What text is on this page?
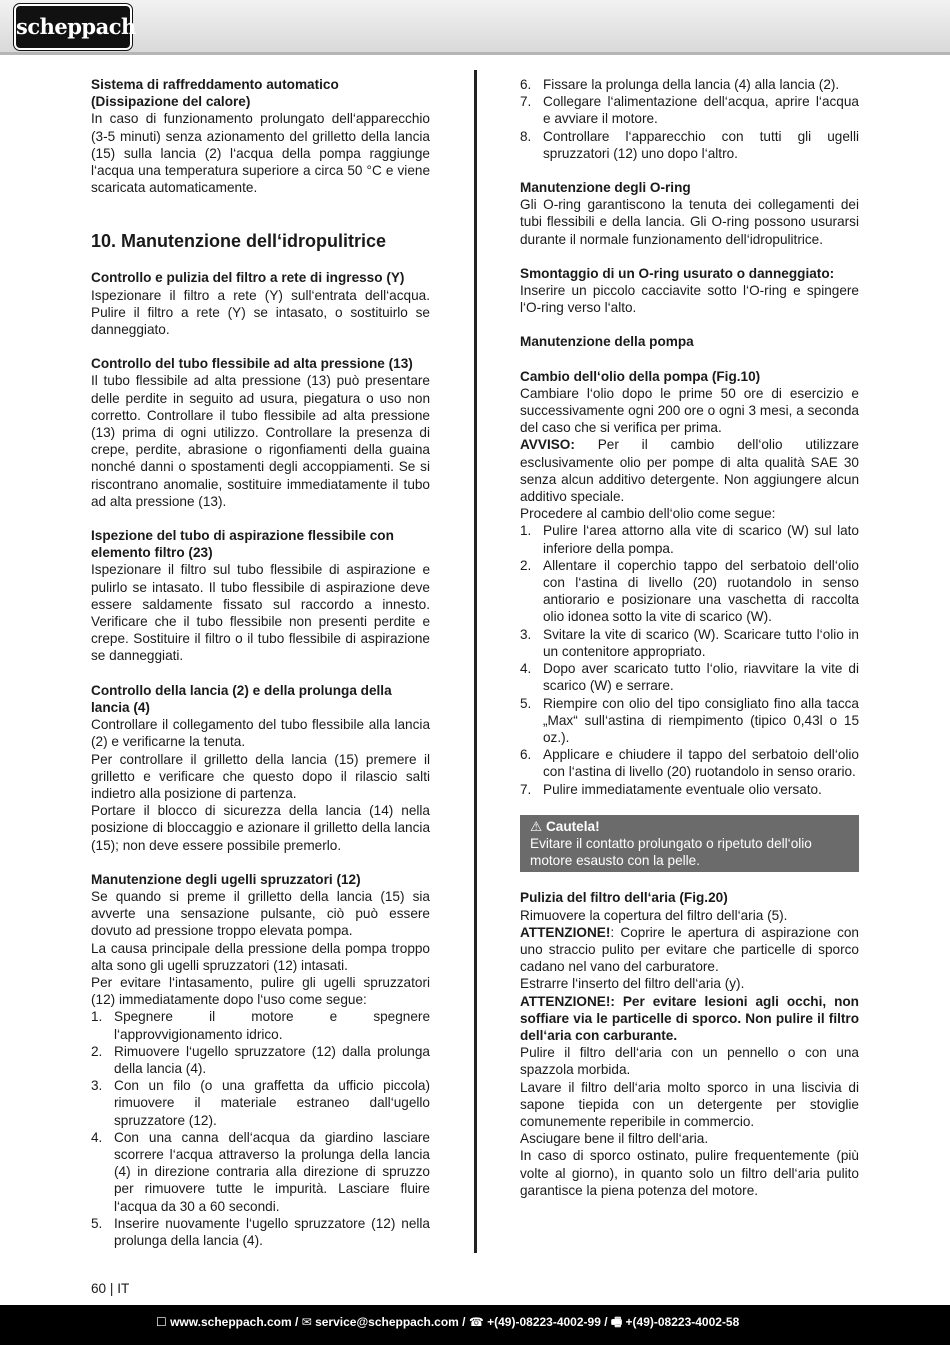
scheppach

Sistema di raffreddamento automatico (Dissipazione del calore)

In caso di funzionamento prolungato dell‘apparecchio (3-5 minuti) senza azionamento del grilletto della lancia (15) sulla lancia (2) l‘acqua della pompa raggiunge l‘acqua una temperatura superiore a circa 50 °C e viene scaricata automaticamente.

10. Manutenzione dell‘idropulitrice

Controllo e pulizia del filtro a rete di ingresso (Y)

Ispezionare il filtro a rete (Y) sull‘entrata dell‘acqua. Pulire il filtro a rete (Y) se intasato, o sostituirlo se danneggiato.

Controllo del tubo flessibile ad alta pressione (13)

Il tubo flessibile ad alta pressione (13) può presentare delle perdite in seguito ad usura, piegatura o uso non corretto. Controllare il tubo flessibile ad alta pressione (13) prima di ogni utilizzo. Controllare la presenza di crepe, perdite, abrasione o rigonfiamenti della guaina nonché danni o spostamenti degli accoppiamenti. Se si riscontrano anomalie, sostituire immediatamente il tubo ad alta pressione (13).

Ispezione del tubo di aspirazione flessibile con elemento filtro (23)

Ispezionare il filtro sul tubo flessibile di aspirazione e pulirlo se intasato. Il tubo flessibile di aspirazione deve essere saldamente fissato sul raccordo a innesto. Verificare che il tubo flessibile non presenti perdite e crepe. Sostituire il filtro o il tubo flessibile di aspirazione se danneggiati.

Controllo della lancia (2) e della prolunga della lancia (4)

Controllare il collegamento del tubo flessibile alla lancia (2) e verificarne la tenuta.

Per controllare il grilletto della lancia (15) premere il grilletto e verificare che questo dopo il rilascio salti indietro alla posizione di partenza.

Portare il blocco di sicurezza della lancia (14) nella posizione di bloccaggio e azionare il grilletto della lancia (15); non deve essere possibile premerlo.

Manutenzione degli ugelli spruzzatori (12)

Se quando si preme il grilletto della lancia (15) sia avverte una sensazione pulsante, ciò può essere dovuto ad pressione troppo elevata pompa.

La causa principale della pressione della pompa troppo alta sono gli ugelli spruzzatori (12) intasati.

Per evitare l‘intasamento, pulire gli ugelli spruzzatori (12) immediatamente dopo l‘uso come segue:

1. Spegnere il motore e spegnere l‘approvvigionamento idrico.
2. Rimuovere l‘ugello spruzzatore (12) dalla prolunga della lancia (4).
3. Con un filo (o una graffetta da ufficio piccola) rimuovere il materiale estraneo dall‘ugello spruzzatore (12).
4. Con una canna dell‘acqua da giardino lasciare scorrere l‘acqua attraverso la prolunga della lancia (4) in direzione contraria alla direzione di spruzzo per rimuovere tutte le impurità. Lasciare fluire l‘acqua da 30 a 60 secondi.
5. Inserire nuovamente l‘ugello spruzzatore (12) nella prolunga della lancia (4).
6. Fissare la prolunga della lancia (4) alla lancia (2).
7. Collegare l‘alimentazione dell‘acqua, aprire l‘acqua e avviare il motore.
8. Controllare l‘apparecchio con tutti gli ugelli spruzzatori (12) uno dopo l‘altro.

Manutenzione degli O-ring

Gli O-ring garantiscono la tenuta dei collegamenti dei tubi flessibili e della lancia. Gli O-ring possono usurarsi durante il normale funzionamento dell‘idropulitrice.

Smontaggio di un O-ring usurato o danneggiato:

Inserire un piccolo cacciavite sotto l‘O-ring e spingere l‘O-ring verso l‘alto.

Manutenzione della pompa

Cambio dell‘olio della pompa (Fig.10)

Cambiare l‘olio dopo le prime 50 ore di esercizio e successivamente ogni 200 ore o ogni 3 mesi, a seconda del caso che si verifica per prima.

AVVISO: Per il cambio dell‘olio utilizzare esclusivamente olio per pompe di alta qualità SAE 30 senza alcun additivo detergente. Non aggiungere alcun additivo speciale.

Procedere al cambio dell‘olio come segue:

1. Pulire l‘area attorno alla vite di scarico (W) sul lato inferiore della pompa.
2. Allentare il coperchio tappo del serbatoio dell‘olio con l‘astina di livello (20) ruotandolo in senso antiorario e posizionare una vaschetta di raccolta olio idonea sotto la vite di scarico (W).
3. Svitare la vite di scarico (W). Scaricare tutto l‘olio in un contenitore appropriato.
4. Dopo aver scaricato tutto l‘olio, riavvitare la vite di scarico (W) e serrare.
5. Riempire con olio del tipo consigliato fino alla tacca „Max“ sull‘astina di riempimento (tipico 0,43l o 15 oz.).
6. Applicare e chiudere il tappo del serbatoio dell‘olio con l‘astina di livello (20) ruotandolo in senso orario.
7. Pulire immediatamente eventuale olio versato.
⚠ Cautela!
Evitare il contatto prolungato o ripetuto dell‘olio motore esausto con la pelle.

Pulizia del filtro dell‘aria (Fig.20)

Rimuovere la copertura del filtro dell‘aria (5).

ATTENZIONE!: Coprire le apertura di aspirazione con uno straccio pulito per evitare che particelle di sporco cadano nel vano del carburatore.

Estrarre l‘inserto del filtro dell‘aria (y).

ATTENZIONE!: Per evitare lesioni agli occhi, non soffiare via le particelle di sporco. Non pulire il filtro dell‘aria con carburante.

Pulire il filtro dell‘aria con un pennello o con una spazzola morbida.

Lavare il filtro dell‘aria molto sporco in una liscivia di sapone tiepida con un detergente per stoviglie comunemente reperibile in commercio.

Asciugare bene il filtro dell‘aria.

In caso di sporco ostinato, pulire frequentemente (più volte al giorno), in quanto solo un filtro dell‘aria pulito garantisce la piena potenza del motore.

60 | IT
☐ www.scheppach.com / ✉ service@scheppach.com / ☎ +(49)-08223-4002-99 / 🖷 +(49)-08223-4002-58
